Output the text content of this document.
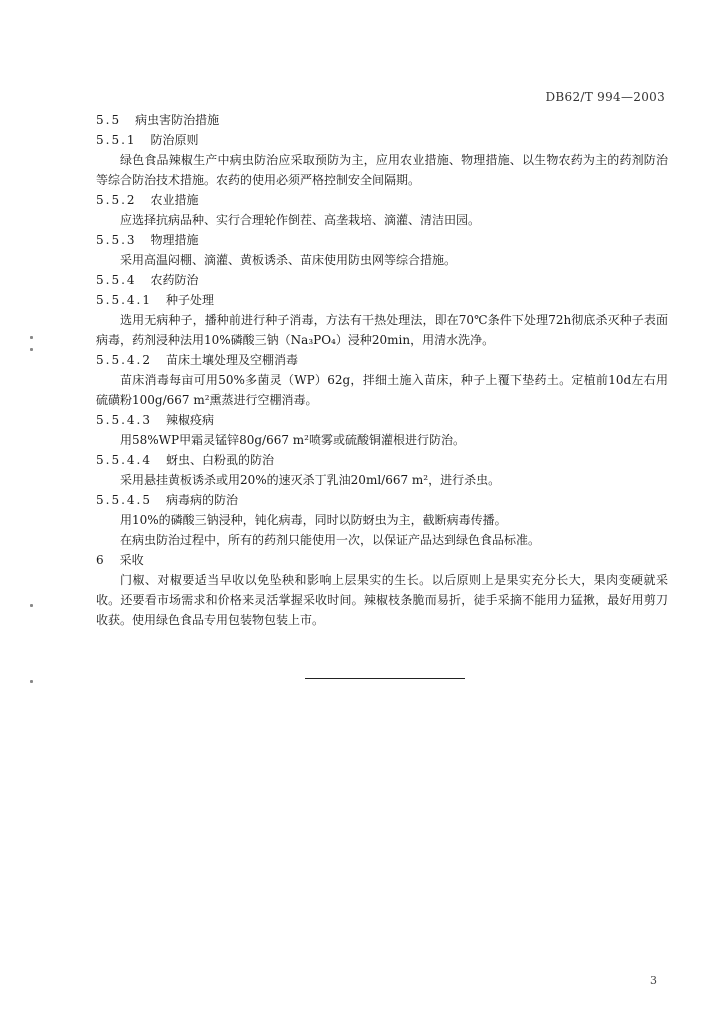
DB62/T 994—2003
5.5 病虫害防治措施
5.5.1 防治原则

绿色食品辣椒生产中病虫防治应采取预防为主，应用农业措施、物理措施、以生物农药为主的药剂防治等综合防治技术措施。农药的使用必须严格控制安全间隔期。

5.5.2 农业措施

应选择抗病品种、实行合理轮作倒茬、高垄栽培、滴灌、清洁田园。

5.5.3 物理措施

采用高温闷棚、滴灌、黄板诱杀、苗床使用防虫网等综合措施。

5.5.4 农药防治
5.5.4.1 种子处理

选用无病种子，播种前进行种子消毒，方法有干热处理法，即在70℃条件下处理72h彻底杀灭种子表面病毒，药剂浸种法用10%磷酸三钠（Na₃PO₄）浸种20min，用清水洗净。

5.5.4.2 苗床土壤处理及空棚消毒

苗床消毒每亩可用50%多菌灵（WP）62g，拌细土施入苗床，种子上覆下垫药土。定植前10d左右用硫磺粉100g/667 m²熏蒸进行空棚消毒。

5.5.4.3 辣椒疫病

用58%WP甲霜灵锰锌80g/667 m²喷雾或硫酸铜灌根进行防治。

5.5.4.4 蚜虫、白粉虱的防治

采用悬挂黄板诱杀或用20%的速灭杀丁乳油20ml/667 m²，进行杀虫。

5.5.4.5 病毒病的防治

用10%的磷酸三钠浸种，钝化病毒，同时以防蚜虫为主，截断病毒传播。

在病虫防治过程中，所有的药剂只能使用一次，以保证产品达到绿色食品标准。

6 采收

门椒、对椒要适当早收以免坠秧和影响上层果实的生长。以后原则上是果实充分长大，果肉变硬就采收。还要看市场需求和价格来灵活掌握采收时间。辣椒枝条脆而易折，徒手采摘不能用力猛揪，最好用剪刀收获。使用绿色食品专用包装物包装上市。

3
